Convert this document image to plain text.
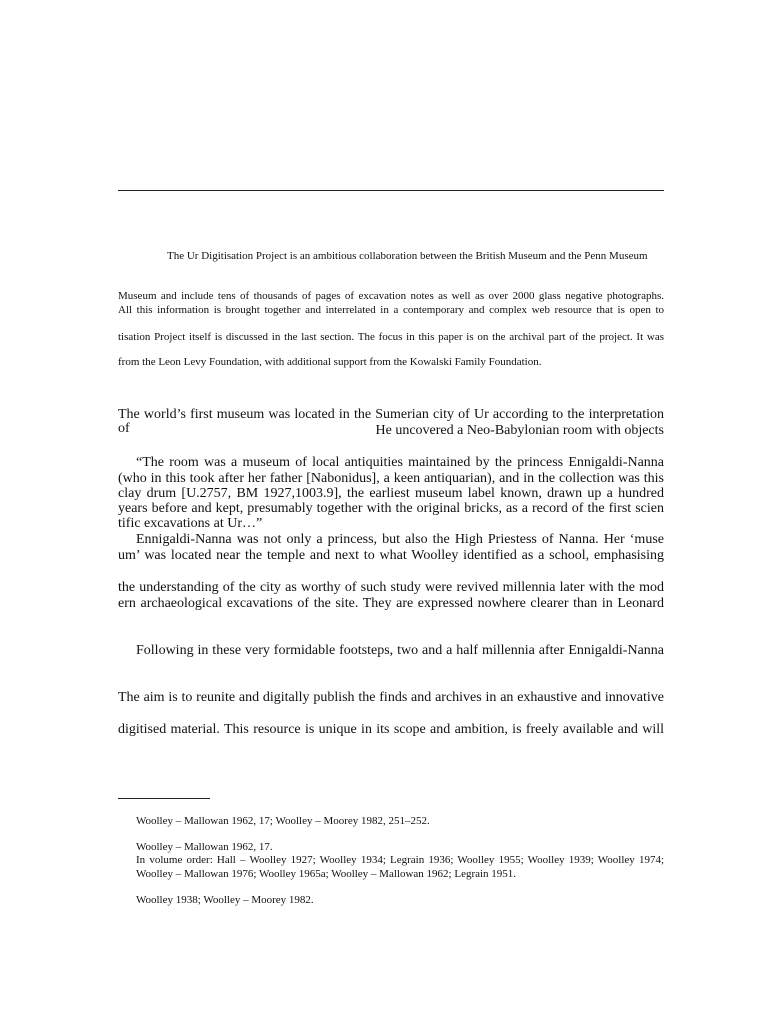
The Ur Digitisation Project is an ambitious collaboration between the British Museum and the Penn Museum
Museum and include tens of thousands of pages of excavation notes as well as over 2000 glass negative photographs.
All this information is brought together and interrelated in a contemporary and complex web resource that is open to
tisation Project itself is discussed in the last section. The focus in this paper is on the archival part of the project. It was
from the Leon Levy Foundation, with additional support from the Kowalski Family Foundation.
The world’s first museum was located in the Sumerian city of Ur according to the interpretation of	He uncovered a Neo-Babylonian room with objects
“The room was a museum of local antiquities maintained by the princess Ennigaldi-Nanna
(who in this took after her father [Nabonidus], a keen antiquarian), and in the collection was this
clay drum [U.2757, BM 1927,1003.9], the earliest museum label known, drawn up a hundred
years before and kept, presumably together with the original bricks, as a record of the first scien
tific excavations at Ur…”
Ennigaldi-Nanna was not only a princess, but also the High Priestess of Nanna. Her ‘muse
um’ was located near the temple and next to what Woolley identified as a school, emphasising
the understanding of the city as worthy of such study were revived millennia later with the mod
ern archaeological excavations of the site. They are expressed nowhere clearer than in Leonard
Following in these very formidable footsteps, two and a half millennia after Ennigaldi-Nanna
The aim is to reunite and digitally publish the finds and archives in an exhaustive and innovative
digitised material. This resource is unique in its scope and ambition, is freely available and will
Woolley – Mallowan 1962, 17; Woolley – Moorey 1982, 251–252.
Woolley – Mallowan 1962, 17.
In volume order: Hall – Woolley 1927; Woolley 1934; Legrain 1936; Woolley 1955; Woolley 1939; Woolley 1974;
Woolley – Mallowan 1976; Woolley 1965a; Woolley – Mallowan 1962; Legrain 1951.
Woolley 1938; Woolley – Moorey 1982.
